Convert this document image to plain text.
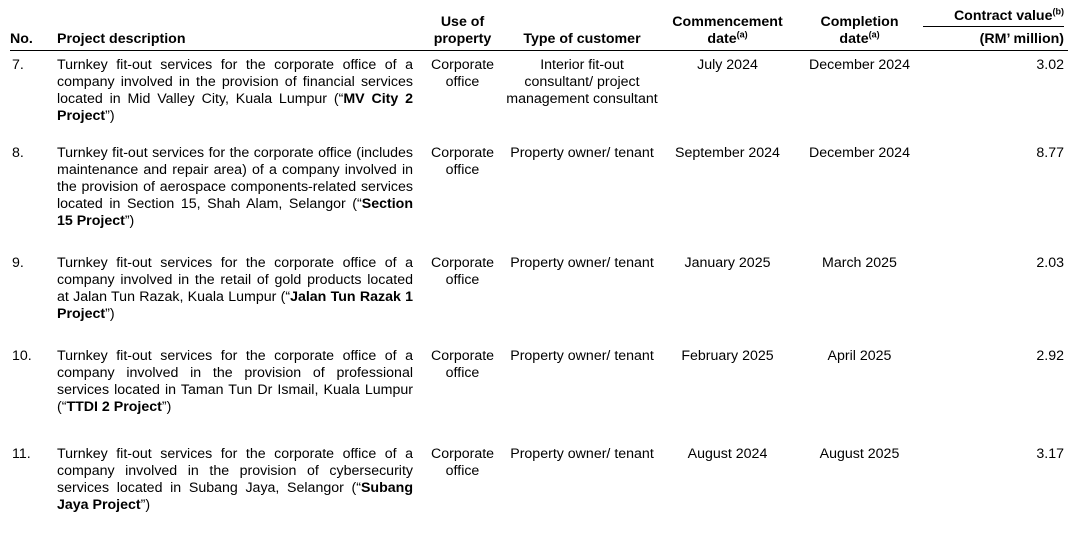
No.	Project description	Use of property	Type of customer	Commencement date$^{(a)}$	Completion date$^{(a)}$	Contract value$^{(b)}$
(RM’ million)
7.	Turnkey fit-out services for the corporate office of a company involved in the provision of financial services located in Mid Valley City, Kuala Lumpur (“MV City 2 Project”)	Corporate office	Interior fit-out consultant/ project management consultant	July 2024	December 2024	3.02
8.	Turnkey fit-out services for the corporate office (includes maintenance and repair area) of a company involved in the provision of aerospace components-related services located in Section 15, Shah Alam, Selangor (“Section 15 Project”)	Corporate office	Property owner/ tenant	September 2024	December 2024	8.77
9.	Turnkey fit-out services for the corporate office of a company involved in the retail of gold products located at Jalan Tun Razak, Kuala Lumpur (“Jalan Tun Razak 1 Project”)	Corporate office	Property owner/ tenant	January 2025	March 2025	2.03
10.	Turnkey fit-out services for the corporate office of a company involved in the provision of professional services located in Taman Tun Dr Ismail, Kuala Lumpur (“TTDI 2 Project”)	Corporate office	Property owner/ tenant	February 2025	April 2025	2.92
11.	Turnkey fit-out services for the corporate office of a company involved in the provision of cybersecurity services located in Subang Jaya, Selangor (“Subang Jaya Project”)	Corporate office	Property owner/ tenant	August 2024	August 2025	3.17
